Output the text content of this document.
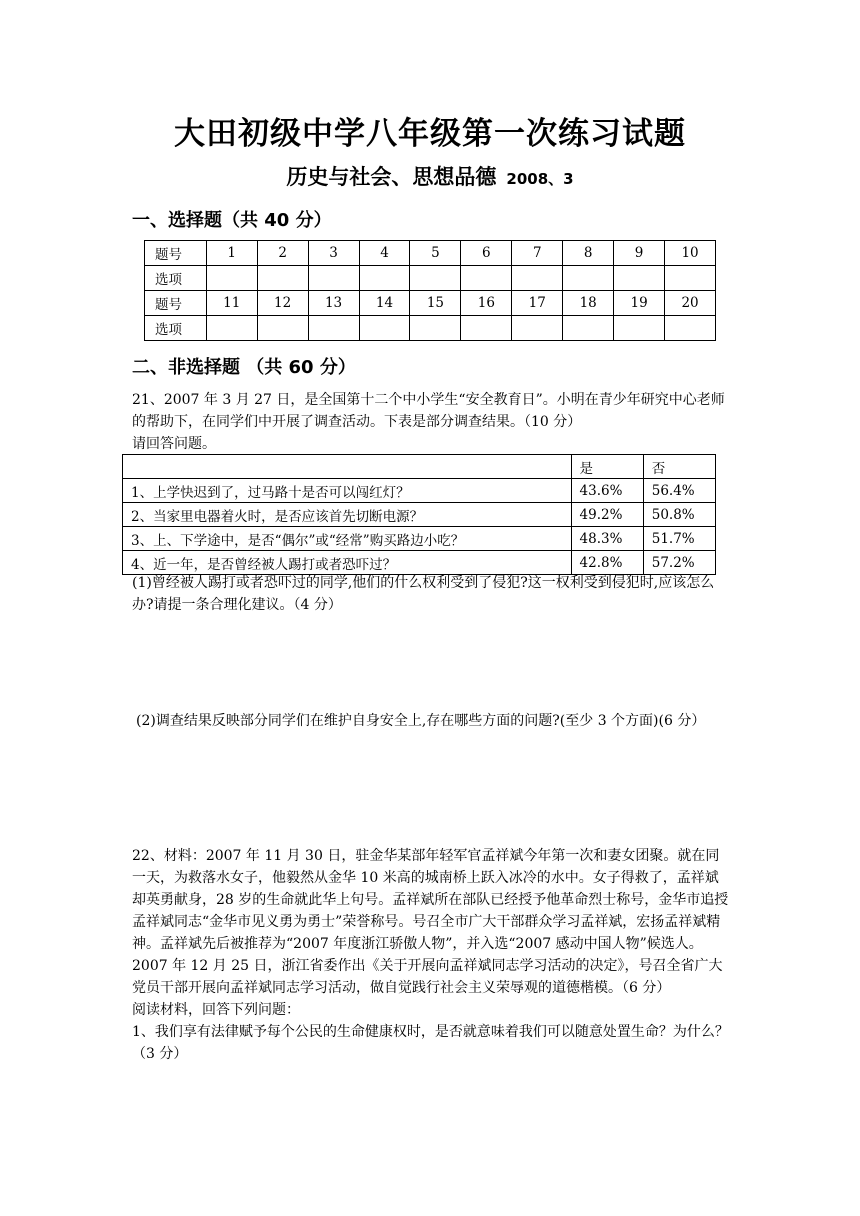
大田初级中学八年级第一次练习试题
历史与社会、思想品德 2008、3
一、选择题（共 40 分）
题号	1	2	3	4	5	6	7	8	9	10
选项										
题号	11	12	13	14	15	16	17	18	19	20
选项										
二、非选择题 （共 60 分）

21、2007 年 3 月 27 日，是全国第十二个中小学生“安全教育日”。小明在青少年研究中心老师的帮助下，在同学们中开展了调查活动。下表是部分调查结果。（10 分）

请回答问题。

	是	否
1、上学快迟到了，过马路十是否可以闯红灯？	43.6%	56.4%
2、当家里电器着火时，是否应该首先切断电源？	49.2%	50.8%
3、上、下学途中，是否“偶尔”或“经常”购买路边小吃？	48.3%	51.7%
4、近一年，是否曾经被人踢打或者恐吓过？	42.8%	57.2%
(1)曾经被人踢打或者恐吓过的同学,他们的什么权利受到了侵犯?这一权利受到侵犯时,应该怎么办?请提一条合理化建议。（4 分）
(2)调查结果反映部分同学们在维护自身安全上,存在哪些方面的问题?(至少 3 个方面)(6 分）

22、材料：2007 年 11 月 30 日，驻金华某部年轻军官孟祥斌今年第一次和妻女团聚。就在同一天，为救落水女子，他毅然从金华 10 米高的城南桥上跃入冰冷的水中。女子得救了，孟祥斌却英勇献身，28 岁的生命就此华上句号。孟祥斌所在部队已经授予他革命烈士称号，金华市追授孟祥斌同志“金华市见义勇为勇士”荣誉称号。号召全市广大干部群众学习孟祥斌，宏扬孟祥斌精神。孟祥斌先后被推荐为“2007 年度浙江骄傲人物”，并入选“2007 感动中国人物”候选人。2007 年 12 月 25 日，浙江省委作出《关于开展向孟祥斌同志学习活动的决定》，号召全省广大党员干部开展向孟祥斌同志学习活动，做自觉践行社会主义荣辱观的道德楷模。（6 分）

阅读材料，回答下列问题：

1、我们享有法律赋予每个公民的生命健康权时，是否就意味着我们可以随意处置生命？为什么？（3 分）
